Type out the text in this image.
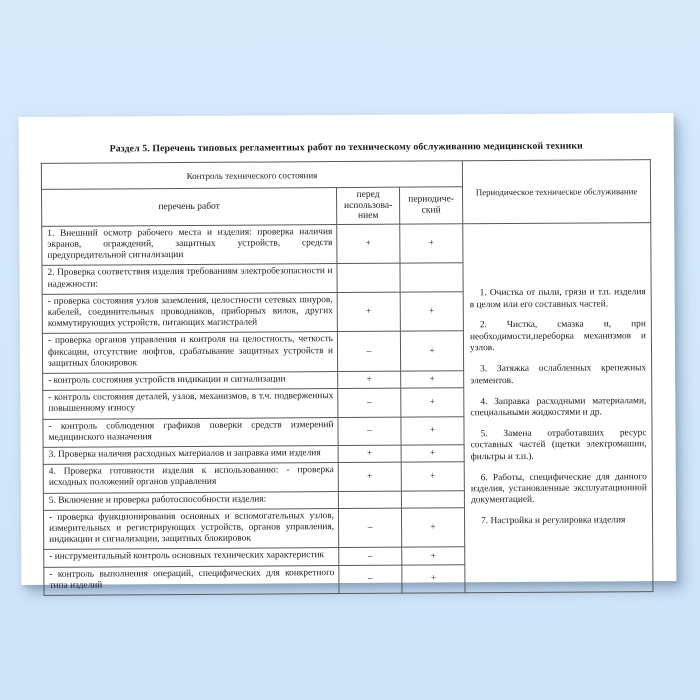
Раздел 5. Перечень типовых регламентных работ по техническому обслуживанию медицинской техники
Контроль технического состояния			Периодическое техническое обслуживание
перечень работ	перед использова- нием	периодиче- ский	
1. Внешний осмотр рабочего места и изделия: проверка наличия экранов, ограждений, защитных устройств, средств предупредительной сигнализации	+	+	

1. Очистка от пыли, грязи и т.п. изделия в целом или его составных частей.

2. Чистка, смазка и, при необходимости,переборка механизмов и узлов.

3. Затяжка ослабленных крепежных элементов.

4. Заправка расходными материалами, специальными жидкостями и др.

5. Замена отработавших ресурс составных частей (щетки электромашин, фильтры и т.п.).

6. Работы, специфические для данного изделия, установленные эксплуатационной документацией.

7. Настройка и регулировка изделия

2. Проверка соответствия изделия требованиям электробезопасности и надежности:			
- проверка состояния узлов заземления, целостности сетевых шнуров, кабелей, соединительных проводников, приборных вилок, других коммутирующих устройств, питающих магистралей	+	+	
- проверка органов управления и контроля на целостность, четкость фиксации, отсутствие люфтов, срабатывание защитных устройств и защитных блокировок	–	+	
- контроль состояния устройств индикации и сигнализации	+	+	
- контроль состояния деталей, узлов, механизмов, в т.ч. подверженных повышенному износу	–	+	
- контроль соблюдения графиков поверки средств измерений медицинского назначения	–	+	
3. Проверка наличия расходных материалов и заправка ими изделия	+	+	
4. Проверка готовности изделия к использованию: - проверка исходных положений органов управления	+	+	
5. Включение и проверка работоспособности изделия:			
- проверка функционирования основных и вспомогательных узлов, измерительных и регистрирующих устройств, органов управления, индикации и сигнализации, защитных блокировок	–	+	
- инструментальный контроль основных технических характеристик	–	+	
- контроль выполнения операций, специфических для конкретного типа изделий	–	+	
